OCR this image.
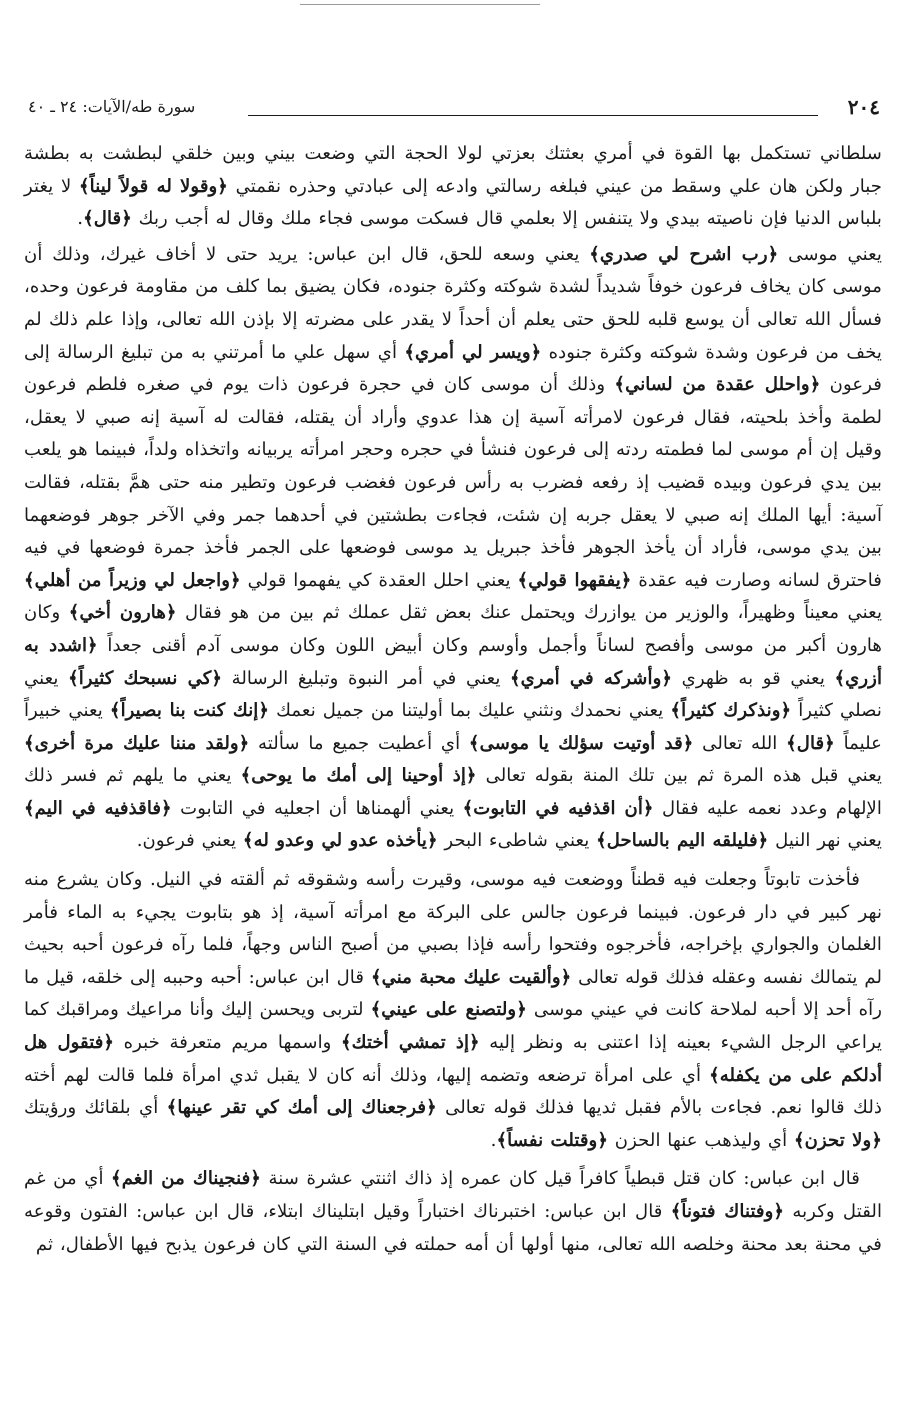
٢٠٤
سورة طه/الآيات: ٢٤ ـ ٤٠

سلطاني تستكمل بها القوة في أمري بعثتك بعزتي لولا الحجة التي وضعت بيني وبين خلقي لبطشت به بطشة جبار ولكن هان علي وسقط من عيني فبلغه رسالتي وادعه إلى عبادتي وحذره نقمتي ﴿وقولا له قولاً ليناً﴾ لا يغتر بلباس الدنيا فإن ناصيته بيدي ولا يتنفس إلا بعلمي قال فسكت موسى فجاء ملك وقال له أجب ربك ﴿قال﴾.

يعني موسى ﴿رب اشرح لي صدري﴾ يعني وسعه للحق، قال ابن عباس: يريد حتى لا أخاف غيرك، وذلك أن موسى كان يخاف فرعون خوفاً شديداً لشدة شوكته وكثرة جنوده، فكان يضيق بما كلف من مقاومة فرعون وحده، فسأل الله تعالى أن يوسع قلبه للحق حتى يعلم أن أحداً لا يقدر على مضرته إلا بإذن الله تعالى، وإذا علم ذلك لم يخف من فرعون وشدة شوكته وكثرة جنوده ﴿ويسر لي أمري﴾ أي سهل علي ما أمرتني به من تبليغ الرسالة إلى فرعون ﴿واحلل عقدة من لساني﴾ وذلك أن موسى كان في حجرة فرعون ذات يوم في صغره فلطم فرعون لطمة وأخذ بلحيته، فقال فرعون لامرأته آسية إن هذا عدوي وأراد أن يقتله، فقالت له آسية إنه صبي لا يعقل، وقيل إن أم موسى لما فطمته ردته إلى فرعون فنشأ في حجره وحجر امرأته يربيانه واتخذاه ولداً، فبينما هو يلعب بين يدي فرعون وبيده قضيب إذ رفعه فضرب به رأس فرعون فغضب فرعون وتطير منه حتى همَّ بقتله، فقالت آسية: أيها الملك إنه صبي لا يعقل جربه إن شئت، فجاءت بطشتين في أحدهما جمر وفي الآخر جوهر فوضعهما بين يدي موسى، فأراد أن يأخذ الجوهر فأخذ جبريل يد موسى فوضعها على الجمر فأخذ جمرة فوضعها في فيه فاحترق لسانه وصارت فيه عقدة ﴿يفقهوا قولي﴾ يعني احلل العقدة كي يفهموا قولي ﴿واجعل لي وزيراً من أهلي﴾ يعني معيناً وظهيراً، والوزير من يوازرك ويحتمل عنك بعض ثقل عملك ثم بين من هو فقال ﴿هارون أخي﴾ وكان هارون أكبر من موسى وأفصح لساناً وأجمل وأوسم وكان أبيض اللون وكان موسى آدم أقنى جعداً ﴿اشدد به أزري﴾ يعني قو به ظهري ﴿وأشركه في أمري﴾ يعني في أمر النبوة وتبليغ الرسالة ﴿كي نسبحك كثيراً﴾ يعني نصلي كثيراً ﴿ونذكرك كثيراً﴾ يعني نحمدك ونثني عليك بما أوليتنا من جميل نعمك ﴿إنك كنت بنا بصيراً﴾ يعني خبيراً عليماً ﴿قال﴾ الله تعالى ﴿قد أوتيت سؤلك يا موسى﴾ أي أعطيت جميع ما سألته ﴿ولقد مننا عليك مرة أخرى﴾ يعني قبل هذه المرة ثم بين تلك المنة بقوله تعالى ﴿إذ أوحينا إلى أمك ما يوحى﴾ يعني ما يلهم ثم فسر ذلك الإلهام وعدد نعمه عليه فقال ﴿أن اقذفيه في التابوت﴾ يعني ألهمناها أن اجعليه في التابوت ﴿فاقذفيه في اليم﴾ يعني نهر النيل ﴿فليلقه اليم بالساحل﴾ يعني شاطىء البحر ﴿يأخذه عدو لي وعدو له﴾ يعني فرعون.

فأخذت تابوتاً وجعلت فيه قطناً ووضعت فيه موسى، وقيرت رأسه وشقوقه ثم ألقته في النيل. وكان يشرع منه نهر كبير في دار فرعون. فبينما فرعون جالس على البركة مع امرأته آسية، إذ هو بتابوت يجيء به الماء فأمر الغلمان والجواري بإخراجه، فأخرجوه وفتحوا رأسه فإذا بصبي من أصبح الناس وجهاً، فلما رآه فرعون أحبه بحيث لم يتمالك نفسه وعقله فذلك قوله تعالى ﴿وألقيت عليك محبة مني﴾ قال ابن عباس: أحبه وحببه إلى خلقه، قيل ما رآه أحد إلا أحبه لملاحة كانت في عيني موسى ﴿ولتصنع على عيني﴾ لتربى ويحسن إليك وأنا مراعيك ومراقبك كما يراعي الرجل الشيء بعينه إذا اعتنى به ونظر إليه ﴿إذ تمشي أختك﴾ واسمها مريم متعرفة خبره ﴿فتقول هل أدلكم على من يكفله﴾ أي على امرأة ترضعه وتضمه إليها، وذلك أنه كان لا يقبل ثدي امرأة فلما قالت لهم أخته ذلك قالوا نعم. فجاءت بالأم فقبل ثديها فذلك قوله تعالى ﴿فرجعناك إلى أمك كي تقر عينها﴾ أي بلقائك ورؤيتك ﴿ولا تحزن﴾ أي وليذهب عنها الحزن ﴿وقتلت نفساً﴾.

قال ابن عباس: كان قتل قبطياً كافراً قيل كان عمره إذ ذاك اثنتي عشرة سنة ﴿فنجيناك من الغم﴾ أي من غم القتل وكربه ﴿وفتناك فتوناً﴾ قال ابن عباس: اختبرناك اختباراً وقيل ابتليناك ابتلاء، قال ابن عباس: الفتون وقوعه في محنة بعد محنة وخلصه الله تعالى، منها أولها أن أمه حملته في السنة التي كان فرعون يذبح فيها الأطفال، ثم
